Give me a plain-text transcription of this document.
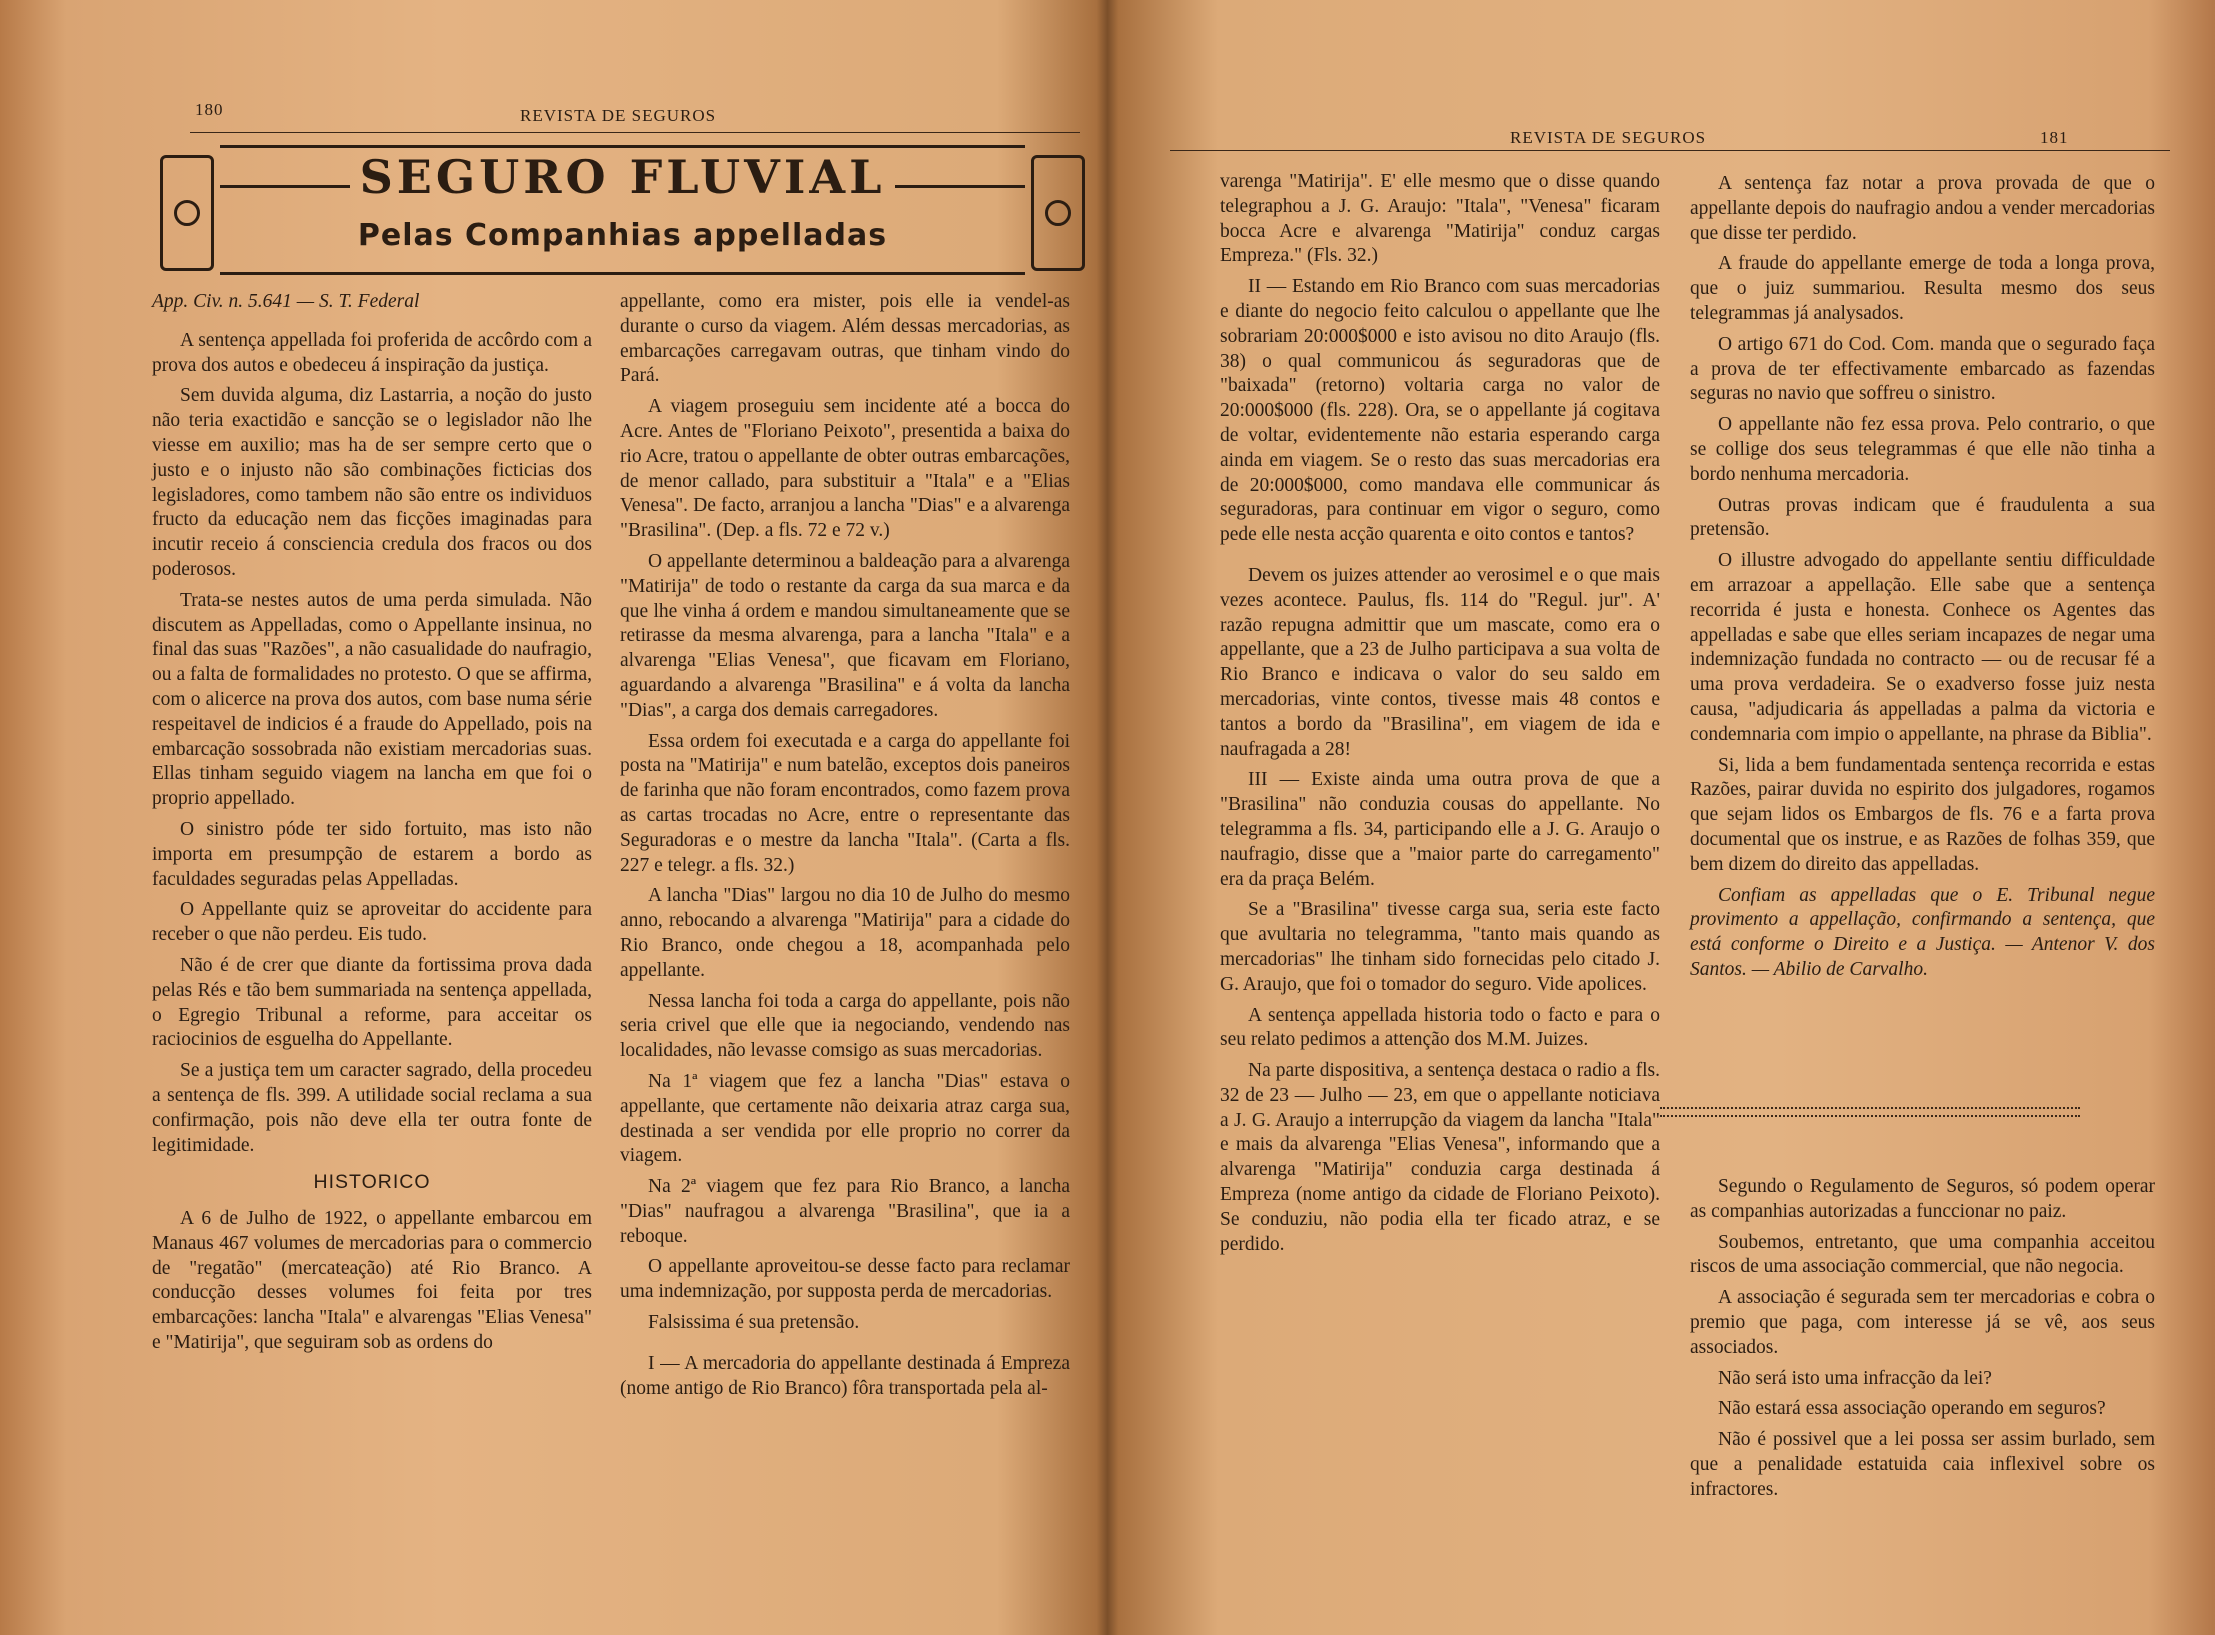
180	REVISTA DE SEGUROS
SEGURO FLUVIAL
Pelas Companhias appelladas

App. Civ. n. 5.641 — S. T. Federal

A sentença appellada foi proferida de accôrdo com a prova dos autos e obedeceu á inspiração da justiça.

Sem duvida alguma, diz Lastarria, a noção do justo não teria exactidão e sancção se o legislador não lhe viesse em auxilio; mas ha de ser sempre certo que o justo e o injusto não são combinações ficticias dos legisladores, como tambem não são entre os individuos fructo da educação nem das ficções imaginadas para incutir receio á consciencia credula dos fracos ou dos poderosos.

Trata-se nestes autos de uma perda simulada. Não discutem as Appelladas, como o Appellante insinua, no final das suas "Razões", a não casualidade do naufragio, ou a falta de formalidades no protesto. O que se affirma, com o alicerce na prova dos autos, com base numa série respeitavel de indicios é a fraude do Appellado, pois na embarcação sossobrada não existiam mercadorias suas. Ellas tinham seguido viagem na lancha em que foi o proprio appellado.

O sinistro póde ter sido fortuito, mas isto não importa em presumpção de estarem a bordo as faculdades seguradas pelas Appelladas.

O Appellante quiz se aproveitar do accidente para receber o que não perdeu. Eis tudo.

Não é de crer que diante da fortissima prova dada pelas Rés e tão bem summariada na sentença appellada, o Egregio Tribunal a reforme, para acceitar os raciocinios de esguelha do Appellante.

Se a justiça tem um caracter sagrado, della procedeu a sentença de fls. 399. A utilidade social reclama a sua confirmação, pois não deve ella ter outra fonte de legitimidade.

HISTORICO

A 6 de Julho de 1922, o appellante embarcou em Manaus 467 volumes de mercadorias para o commercio de "regatão" (mercateação) até Rio Branco. A conducção desses volumes foi feita por tres embarcações: lancha "Itala" e alvarengas "Elias Venesa" e "Matirija", que seguiram sob as ordens do

appellante, como era mister, pois elle ia vendel-as durante o curso da viagem. Além dessas mercadorias, as embarcações carregavam outras, que tinham vindo do Pará.

A viagem proseguiu sem incidente até a bocca do Acre. Antes de "Floriano Peixoto", presentida a baixa do rio Acre, tratou o appellante de obter outras embarcações, de menor callado, para substituir a "Itala" e a "Elias Venesa". De facto, arranjou a lancha "Dias" e a alvarenga "Brasilina". (Dep. a fls. 72 e 72 v.)

O appellante determinou a baldeação para a alvarenga "Matirija" de todo o restante da carga da sua marca e da que lhe vinha á ordem e mandou simultaneamente que se retirasse da mesma alvarenga, para a lancha "Itala" e a alvarenga "Elias Venesa", que ficavam em Floriano, aguardando a alvarenga "Brasilina" e á volta da lancha "Dias", a carga dos demais carregadores.

Essa ordem foi executada e a carga do appellante foi posta na "Matirija" e num batelão, exceptos dois paneiros de farinha que não foram encontrados, como fazem prova as cartas trocadas no Acre, entre o representante das Seguradoras e o mestre da lancha "Itala". (Carta a fls. 227 e telegr. a fls. 32.)

A lancha "Dias" largou no dia 10 de Julho do mesmo anno, rebocando a alvarenga "Matirija" para a cidade do Rio Branco, onde chegou a 18, acompanhada pelo appellante.

Nessa lancha foi toda a carga do appellante, pois não seria crivel que elle que ia negociando, vendendo nas localidades, não levasse comsigo as suas mercadorias.

Na 1ª viagem que fez a lancha "Dias" estava o appellante, que certamente não deixaria atraz carga sua, destinada a ser vendida por elle proprio no correr da viagem.

Na 2ª viagem que fez para Rio Branco, a lancha "Dias" naufragou a alvarenga "Brasilina", que ia a reboque.

O appellante aproveitou-se desse facto para reclamar uma indemnização, por supposta perda de mercadorias.

Falsissima é sua pretensão.

I — A mercadoria do appellante destinada á Empreza (nome antigo de Rio Branco) fôra transportada pela al-

REVISTA DE SEGUROS	181

varenga "Matirija". E' elle mesmo que o disse quando telegraphou a J. G. Araujo: "Itala", "Venesa" ficaram bocca Acre e alvarenga "Matirija" conduz cargas Empreza." (Fls. 32.)

II — Estando em Rio Branco com suas mercadorias e diante do negocio feito calculou o appellante que lhe sobrariam 20:000$000 e isto avisou no dito Araujo (fls. 38) o qual communicou ás seguradoras que de "baixada" (retorno) voltaria carga no valor de 20:000$000 (fls. 228). Ora, se o appellante já cogitava de voltar, evidentemente não estaria esperando carga ainda em viagem. Se o resto das suas mercadorias era de 20:000$000, como mandava elle communicar ás seguradoras, para continuar em vigor o seguro, como pede elle nesta acção quarenta e oito contos e tantos?

Devem os juizes attender ao verosimel e o que mais vezes acontece. Paulus, fls. 114 do "Regul. jur". A' razão repugna admittir que um mascate, como era o appellante, que a 23 de Julho participava a sua volta de Rio Branco e indicava o valor do seu saldo em mercadorias, vinte contos, tivesse mais 48 contos e tantos a bordo da "Brasilina", em viagem de ida e naufragada a 28!

III — Existe ainda uma outra prova de que a "Brasilina" não conduzia cousas do appellante. No telegramma a fls. 34, participando elle a J. G. Araujo o naufragio, disse que a "maior parte do carregamento" era da praça Belém.

Se a "Brasilina" tivesse carga sua, seria este facto que avultaria no telegramma, "tanto mais quando as mercadorias" lhe tinham sido fornecidas pelo citado J. G. Araujo, que foi o tomador do seguro. Vide apolices.

A sentença appellada historia todo o facto e para o seu relato pedimos a attenção dos M.M. Juizes.

Na parte dispositiva, a sentença destaca o radio a fls. 32 de 23 — Julho — 23, em que o appellante noticiava a J. G. Araujo a interrupção da viagem da lancha "Itala" e mais da alvarenga "Elias Venesa", informando que a alvarenga "Matirija" conduzia carga destinada á Empreza (nome antigo da cidade de Floriano Peixoto). Se conduziu, não podia ella ter ficado atraz, e se perdido.

A sentença faz notar a prova provada de que o appellante depois do naufragio andou a vender mercadorias que disse ter perdido.

A fraude do appellante emerge de toda a longa prova, que o juiz summariou. Resulta mesmo dos seus telegrammas já analysados.

O artigo 671 do Cod. Com. manda que o segurado faça a prova de ter effectivamente embarcado as fazendas seguras no navio que soffreu o sinistro.

O appellante não fez essa prova. Pelo contrario, o que se collige dos seus telegrammas é que elle não tinha a bordo nenhuma mercadoria.

Outras provas indicam que é fraudulenta a sua pretensão.

O illustre advogado do appellante sentiu difficuldade em arrazoar a appellação. Elle sabe que a sentença recorrida é justa e honesta. Conhece os Agentes das appelladas e sabe que elles seriam incapazes de negar uma indemnização fundada no contracto — ou de recusar fé a uma prova verdadeira. Se o exadverso fosse juiz nesta causa, "adjudicaria ás appelladas a palma da victoria e condemnaria com impio o appellante, na phrase da Biblia".

Si, lida a bem fundamentada sentença recorrida e estas Razões, pairar duvida no espirito dos julgadores, rogamos que sejam lidos os Embargos de fls. 76 e a farta prova documental que os instrue, e as Razões de folhas 359, que bem dizem do direito das appelladas.

Confiam as appelladas que o E. Tribunal negue provimento a appellação, confirmando a sentença, que está conforme o Direito e a Justiça. — Antenor V. dos Santos. — Abilio de Carvalho.

Segundo o Regulamento de Seguros, só podem operar as companhias autorizadas a funccionar no paiz.

Soubemos, entretanto, que uma companhia acceitou riscos de uma associação commercial, que não negocia.

A associação é segurada sem ter mercadorias e cobra o premio que paga, com interesse já se vê, aos seus associados.

Não será isto uma infracção da lei?

Não estará essa associação operando em seguros?

Não é possivel que a lei possa ser assim burlado, sem que a penalidade estatuida caia inflexivel sobre os infractores.
